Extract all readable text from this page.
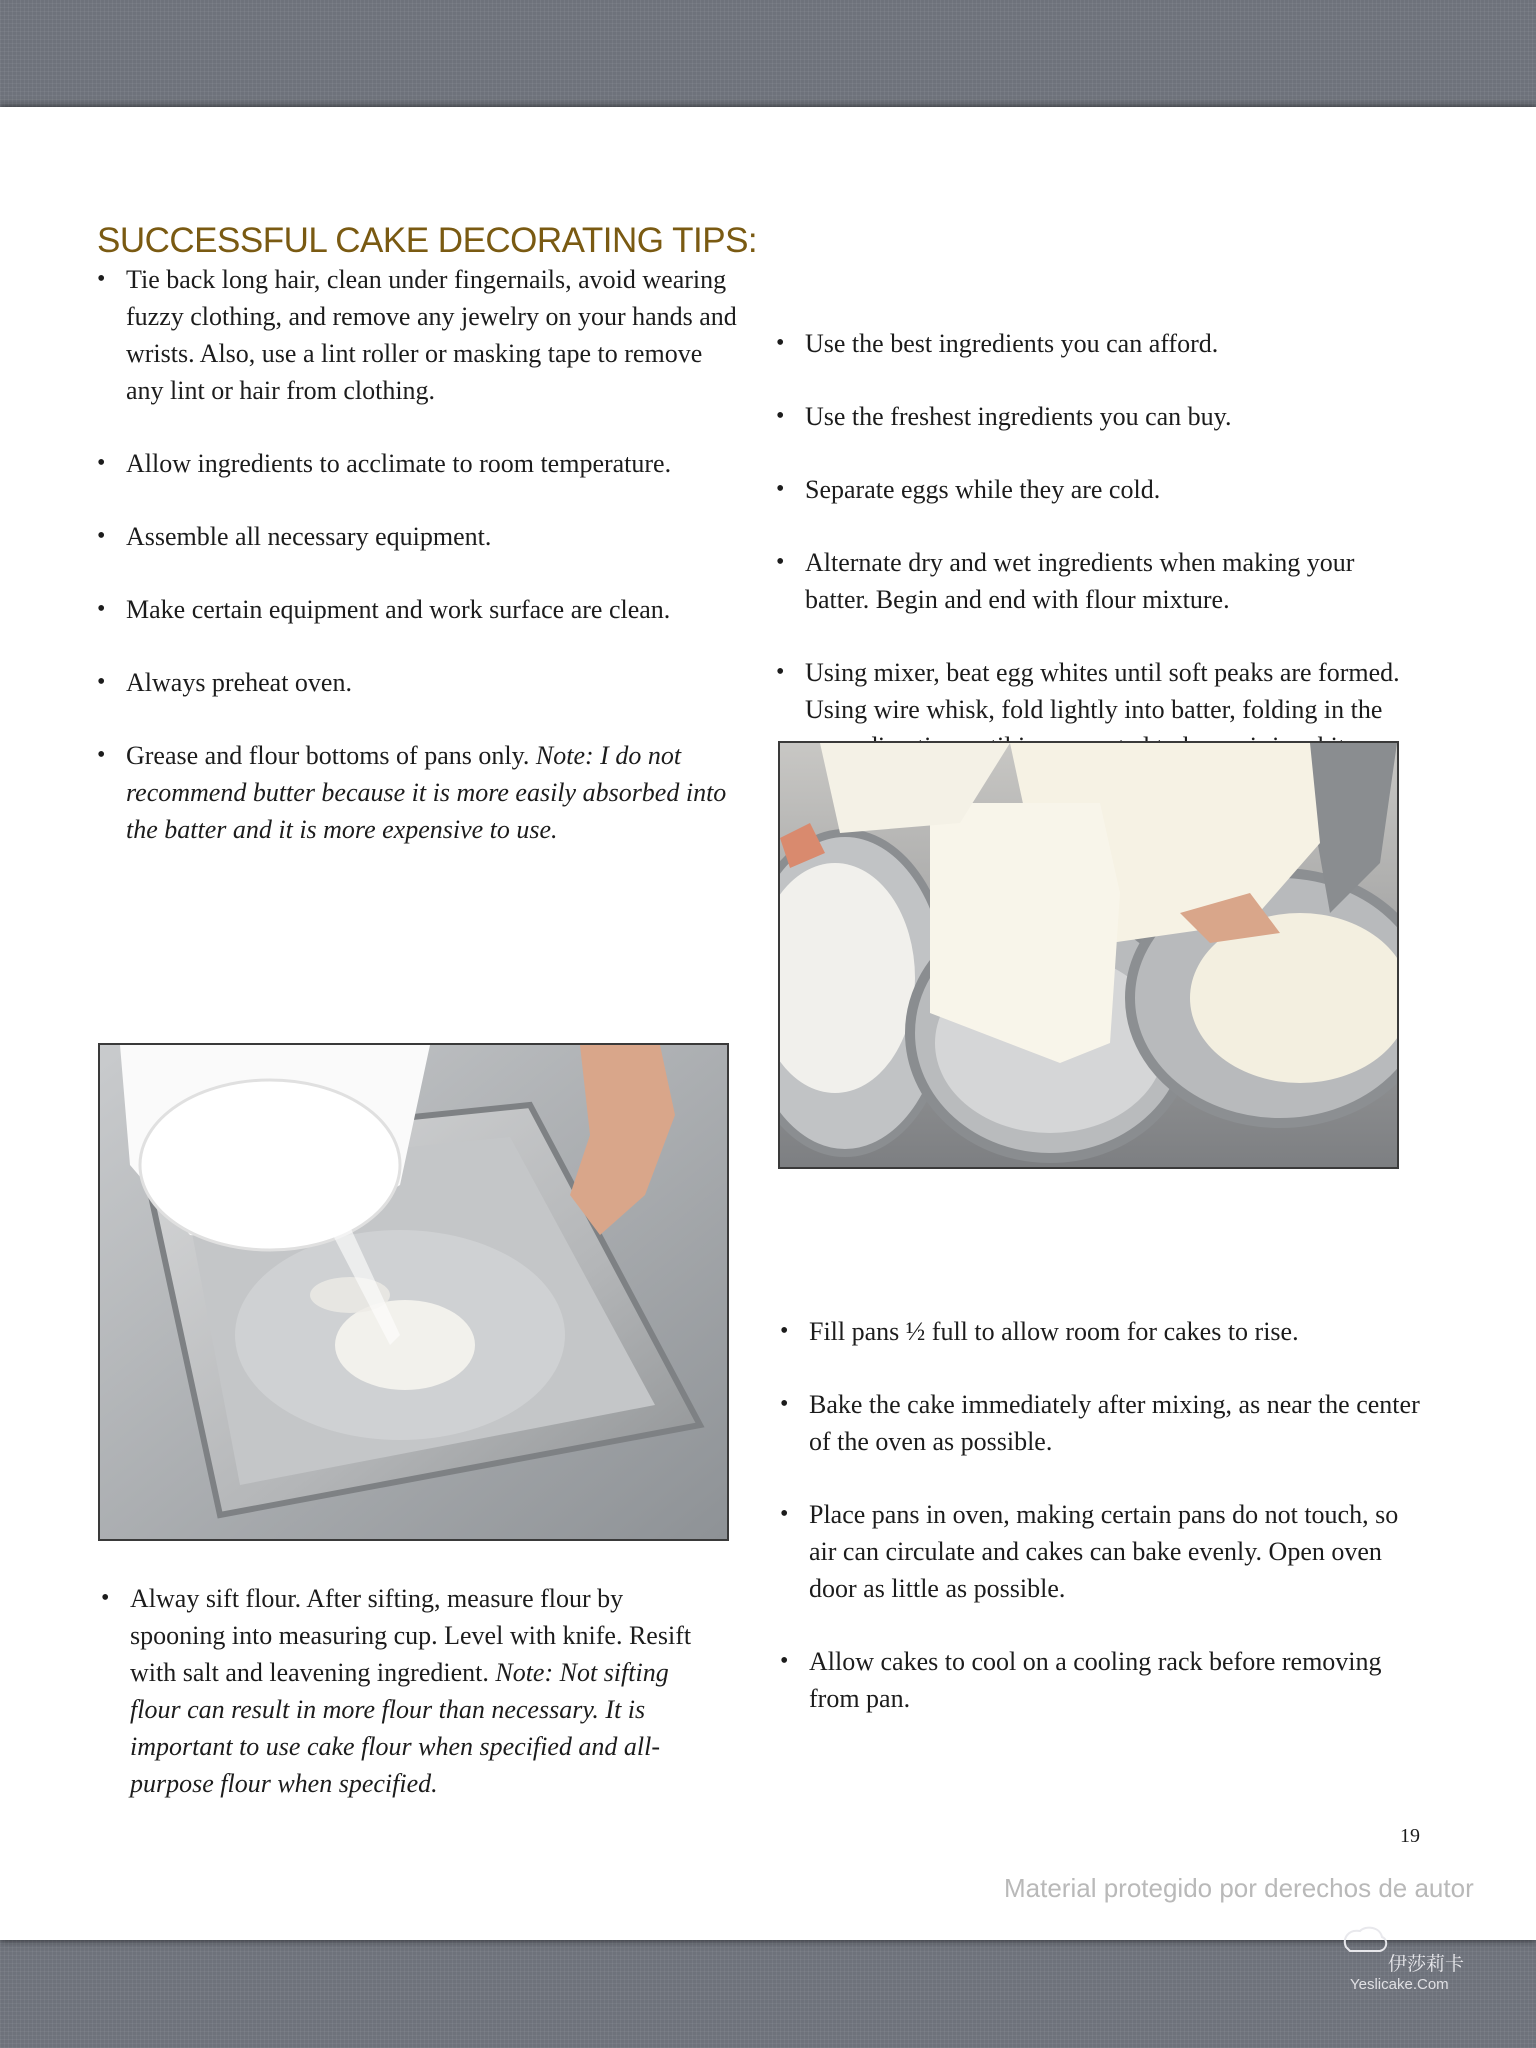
SUCCESSFUL CAKE DECORATING TIPS:
• Tie back long hair, clean under fingernails, avoid wearing fuzzy clothing, and remove any jewelry on your hands and wrists. Also, use a lint roller or masking tape to remove any lint or hair from clothing.
• Allow ingredients to acclimate to room temperature.
• Assemble all necessary equipment.
• Make certain equipment and work surface are clean.
• Always preheat oven.
• Grease and flour bottoms of pans only. Note: I do not recommend butter because it is more easily absorbed into the batter and it is more expensive to use.
• Alway sift flour. After sifting, measure flour by spooning into measuring cup. Level with knife. Resift with salt and leavening ingredient. Note: Not sifting flour can result in more flour than necessary. It is important to use cake flour when specified and all-purpose flour when specified.
• Use the best ingredients you can afford.
• Use the freshest ingredients you can buy.
• Separate eggs while they are cold.
• Alternate dry and wet ingredients when making your batter. Begin and end with flour mixture.
• Using mixer, beat egg whites until soft peaks are formed. Using wire whisk, fold lightly into batter, folding in the
• Fill pans ½ full to allow room for cakes to rise.
• Bake the cake immediately after mixing, as near the center of the oven as possible.
• Place pans in oven, making certain pans do not touch, so air can circulate and cakes can bake evenly. Open oven door as little as possible.
• Allow cakes to cool on a cooling rack before removing from pan.
19
Material protegido por derechos de autor
伊莎莉卡
Yeslicake.Com
